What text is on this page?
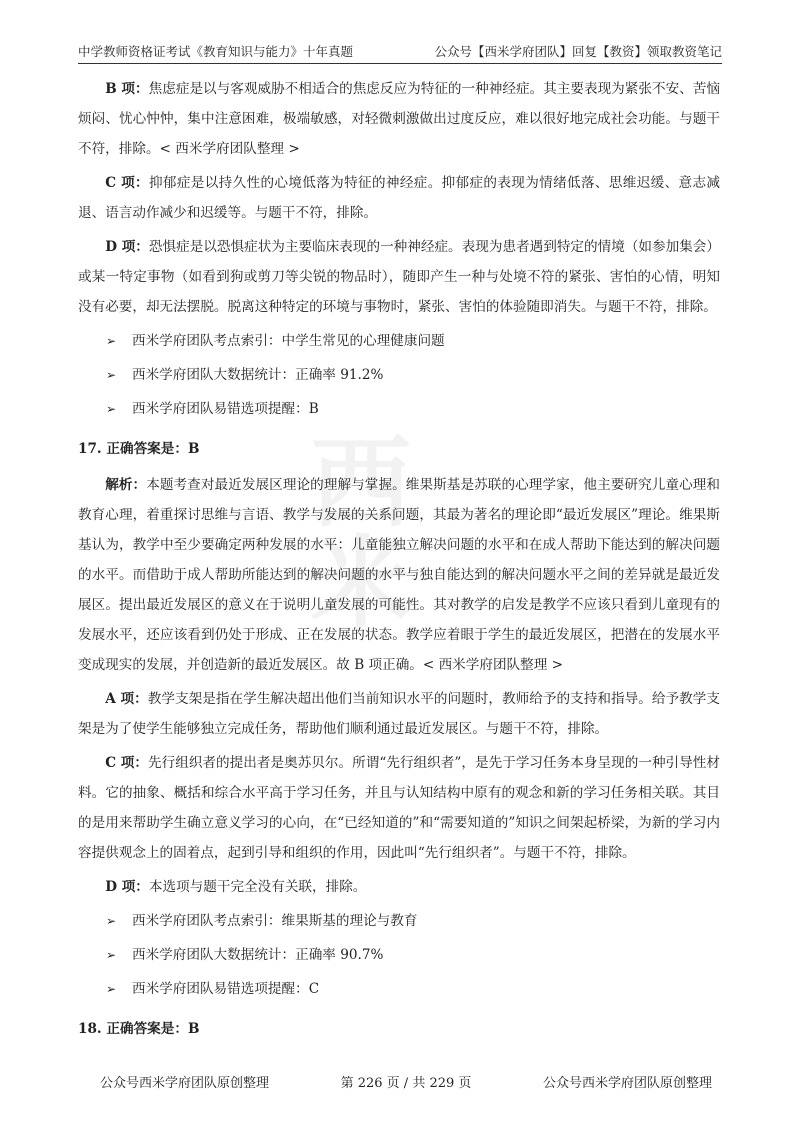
中学教师资格证考试《教育知识与能力》十年真题	公众号【西米学府团队】回复【教资】领取教资笔记
西米

B 项：焦虑症是以与客观威胁不相适合的焦虑反应为特征的一种神经症。其主要表现为紧张不安、苦恼烦闷、忧心忡忡，集中注意困难，极端敏感，对轻微刺激做出过度反应，难以很好地完成社会功能。与题干不符，排除。< 西米学府团队整理 >

C 项：抑郁症是以持久性的心境低落为特征的神经症。抑郁症的表现为情绪低落、思维迟缓、意志减退、语言动作减少和迟缓等。与题干不符，排除。

D 项：恐惧症是以恐惧症状为主要临床表现的一种神经症。表现为患者遇到特定的情境（如参加集会）或某一特定事物（如看到狗或剪刀等尖锐的物品时），随即产生一种与处境不符的紧张、害怕的心情，明知没有必要，却无法摆脱。脱离这种特定的环境与事物时，紧张、害怕的体验随即消失。与题干不符，排除。

➢	西米学府团队考点索引：中学生常见的心理健康问题
➢	西米学府团队大数据统计：正确率 91.2%
➢	西米学府团队易错选项提醒：B
17. 正确答案是：B

解析：本题考查对最近发展区理论的理解与掌握。维果斯基是苏联的心理学家，他主要研究儿童心理和教育心理，着重探讨思维与言语、教学与发展的关系问题，其最为著名的理论即“最近发展区”理论。维果斯基认为，教学中至少要确定两种发展的水平：儿童能独立解决问题的水平和在成人帮助下能达到的解决问题的水平。而借助于成人帮助所能达到的解决问题的水平与独自能达到的解决问题水平之间的差异就是最近发展区。提出最近发展区的意义在于说明儿童发展的可能性。其对教学的启发是教学不应该只看到儿童现有的发展水平，还应该看到仍处于形成、正在发展的状态。教学应着眼于学生的最近发展区，把潜在的发展水平变成现实的发展，并创造新的最近发展区。故 B 项正确。< 西米学府团队整理 >

A 项：教学支架是指在学生解决超出他们当前知识水平的问题时，教师给予的支持和指导。给予教学支架是为了使学生能够独立完成任务，帮助他们顺利通过最近发展区。与题干不符，排除。

C 项：先行组织者的提出者是奥苏贝尔。所谓“先行组织者”，是先于学习任务本身呈现的一种引导性材料。它的抽象、概括和综合水平高于学习任务，并且与认知结构中原有的观念和新的学习任务相关联。其目的是用来帮助学生确立意义学习的心向，在“已经知道的”和“需要知道的”知识之间架起桥梁，为新的学习内容提供观念上的固着点，起到引导和组织的作用，因此叫“先行组织者”。与题干不符，排除。

D 项：本选项与题干完全没有关联，排除。

➢	西米学府团队考点索引：维果斯基的理论与教育
➢	西米学府团队大数据统计：正确率 90.7%
➢	西米学府团队易错选项提醒：C
18. 正确答案是：B
公众号西米学府团队原创整理	第 226 页 / 共 229 页	公众号西米学府团队原创整理
